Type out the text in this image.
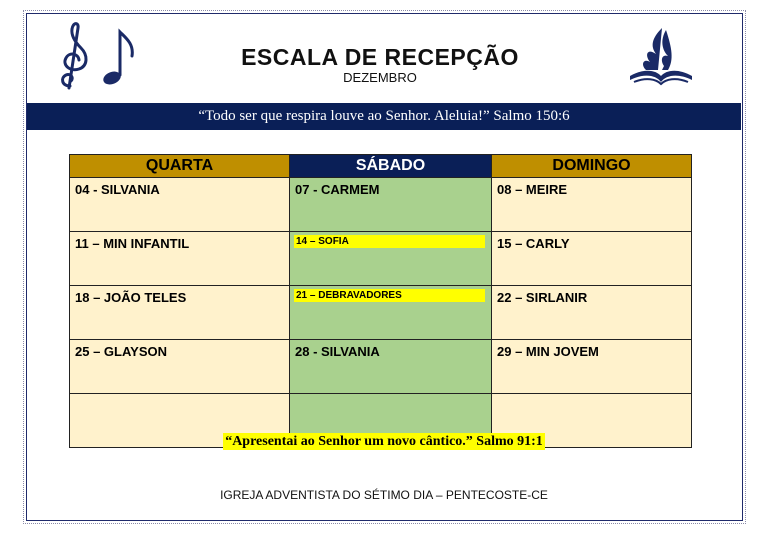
ESCALA DE RECEPÇÃO
DEZEMBRO
“Todo ser que respira louve ao Senhor. Aleluia!” Salmo 150:6
QUARTA	SÁBADO	DOMINGO

04 - SILVANIA	07 - CARMEM	08 – MEIRE

11 – MIN INFANTIL	14 – SOFIA	15 – CARLY

18 – JOÃO TELES	21 – DEBRAVADORES	22 – SIRLANIR

25 – GLAYSON	28 - SILVANIA	29 – MIN JOVEM

“Apresentai ao Senhor um novo cântico.” Salmo 91:1
IGREJA ADVENTISTA DO SÉTIMO DIA – PENTECOSTE-CE
